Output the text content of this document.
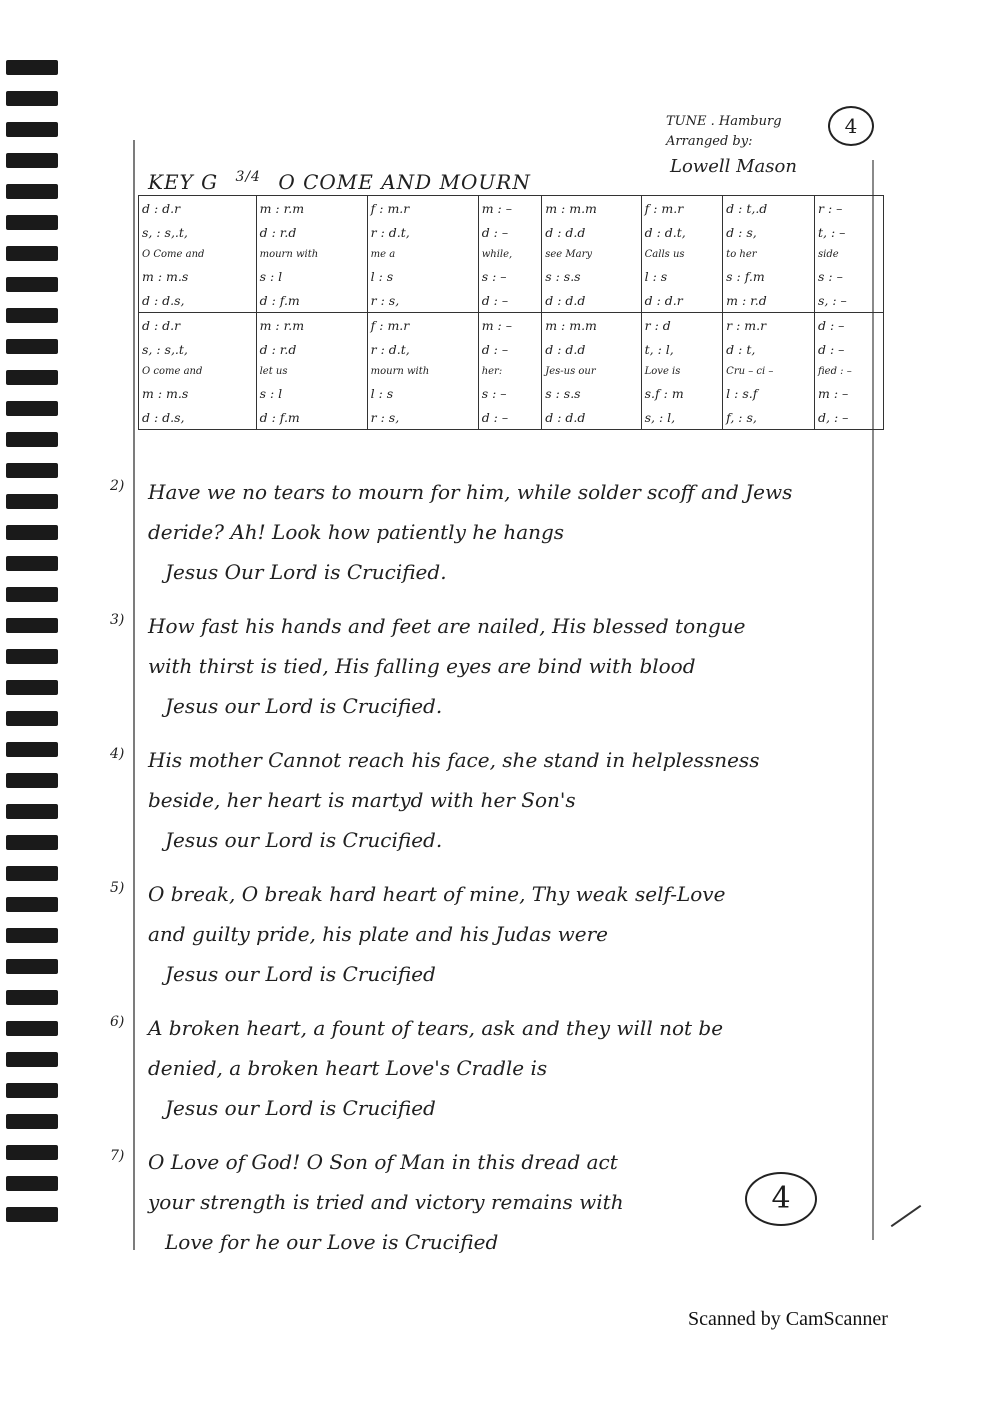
TUNE . Hamburg
Arranged by:
Lowell Mason
4
KEY G $^{3/4}$ O COME AND MOURN
d : d.r	m : r.m	f : m.r	m : –	m : m.m	f : m.r	d : t,.d	r : –
s, : s,.t,	d : r.d	r : d.t,	d : –	d : d.d	d : d.t,	d : s,	t, : –
O Come and	mourn with	me a	while,	see Mary	Calls us	to her	side
m : m.s	s : l	l : s	s : –	s : s.s	l : s	s : f.m	s : –
d : d.s,	d : f.m	r : s,	d : –	d : d.d	d : d.r	m : r.d	s, : –
d : d.r	m : r.m	f : m.r	m : –	m : m.m	r : d	r : m.r	d : –
s, : s,.t,	d : r.d	r : d.t,	d : –	d : d.d	t, : l,	d : t,	d : –
O come and	let us	mourn with	her:	Jes-us our	Love is	Cru – ci –	fied : –
m : m.s	s : l	l : s	s : –	s : s.s	s.f : m	l : s.f	m : –
d : d.s,	d : f.m	r : s,	d : –	d : d.d	s, : l,	f, : s,	d, : –
2) Have we no tears to mourn for him, while solder scoff and Jews
deride? Ah! Look how patiently he hangs
Jesus Our Lord is Crucified.
3) How fast his hands and feet are nailed, His blessed tongue
with thirst is tied, His falling eyes are bind with blood
Jesus our Lord is Crucified.
4) His mother Cannot reach his face, she stand in helplessness
beside, her heart is martyd with her Son's
Jesus our Lord is Crucified.
5) O break, O break hard heart of mine, Thy weak self-Love
and guilty pride, his plate and his Judas were
Jesus our Lord is Crucified
6) A broken heart, a fount of tears, ask and they will not be
denied, a broken heart Love's Cradle is
Jesus our Lord is Crucified
7) O Love of God! O Son of Man in this dread act
your strength is tried and victory remains with
Love for he our Love is Crucified
4
Scanned by CamScanner
